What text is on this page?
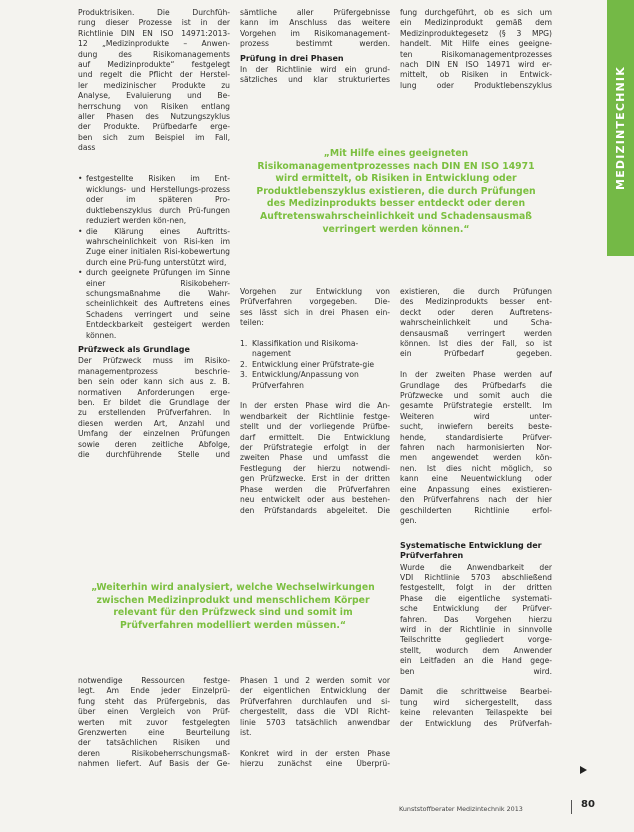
MEDIZINTECHNIK
Produktrisiken. Die Durchfüh-
rung dieser Prozesse ist in der
Richtlinie DIN EN ISO 14971:2013-
12 „Medizinprodukte – Anwen-
dung des Risikomanagements
auf Medizinprodukte“ festgelegt
und regelt die Pflicht der Herstel-
ler medizinischer Produkte zu
Analyse, Evaluierung und Be-
herrschung von Risiken entlang
aller Phasen des Nutzungszyklus
der Produkte. Prüfbedarfe erge-
ben sich zum Beispiel im Fall,
dass
• festgestellte Risiken im Ent-​wicklungs-​ und Herstellungs-​prozess oder im späteren Pro-​duktlebenszyklus durch Prü-​fungen reduziert werden kön-​nen,
• die Klärung eines Auftritts-​wahrscheinlichkeit von Risi-​ken im Zuge einer initialen Risi-​kobewertung durch eine Prü-​fung unterstützt wird,
• durch geeignete Prüfungen im Sinne einer Risikobeherr-​schungsmaßnahme die Wahr-​scheinlichkeit des Auftretens eines Schadens verringert und seine Entdeckbarkeit gesteigert werden können.
Prüfzweck als Grundlage
Der Prüfzweck muss im Risiko-
managementprozess beschrie-
ben sein oder kann sich aus z. B.
normativen Anforderungen erge-
ben. Er bildet die Grundlage der
zu erstellenden Prüfverfahren. In
diesen werden Art, Anzahl und
Umfang der einzelnen Prüfungen
sowie deren zeitliche Abfolge,
die durchführende Stelle und
sämtliche aller Prüfergebnisse
kann im Anschluss das weitere
Vorgehen im Risikomanagement-
prozess bestimmt werden.
Prüfung in drei Phasen
In der Richtlinie wird ein grund-
sätzliches und klar strukturiertes
fung durchgeführt, ob es sich um
ein Medizinprodukt gemäß dem
Medizinproduktegesetz (§ 3 MPG)
handelt. Mit Hilfe eines geeigne-
ten Risikomanagementprozesses
nach DIN EN ISO 14971 wird er-
mittelt, ob Risiken in Entwick-
lung oder Produktlebenszyklus
„Mit Hilfe eines geeigneten Risikomanagementprozesses nach DIN EN ISO 14971 wird ermittelt, ob Risiken in Entwicklung oder Produktlebenszyklus existieren, die durch Prüfungen des Medizinprodukts besser entdeckt oder deren Auftretenswahrscheinlichkeit und Schadensausmaß verringert werden können.“
Vorgehen zur Entwicklung von
Prüfverfahren vorgegeben. Die-
ses lässt sich in drei Phasen ein-
teilen:
1. Klassifikation und Risikoma-​nagement
2. Entwicklung einer Prüfstrate-​gie
3. Entwicklung/Anpassung von Prüfverfahren
In der ersten Phase wird die An-
wendbarkeit der Richtlinie festge-
stellt und der vorliegende Prüfbe-
darf ermittelt. Die Entwicklung
der Prüfstrategie erfolgt in der
zweiten Phase und umfasst die
Festlegung der hierzu notwendi-
gen Prüfzwecke. Erst in der dritten
Phase werden die Prüfverfahren
neu entwickelt oder aus bestehen-
den Prüfstandards abgeleitet. Die
existieren, die durch Prüfungen
des Medizinprodukts besser ent-
deckt oder deren Auftretens-
wahrscheinlichkeit und Scha-
densausmaß verringert werden
können. Ist dies der Fall, so ist
ein Prüfbedarf gegeben.
In der zweiten Phase werden auf
Grundlage des Prüfbedarfs die
Prüfzwecke und somit auch die
gesamte Prüfstrategie erstellt. Im
Weiteren wird unter-
sucht, inwiefern bereits beste-
hende, standardisierte Prüfver-
fahren nach harmonisierten Nor-
men angewendet werden kön-
nen. Ist dies nicht möglich, so
kann eine Neuentwicklung oder
eine Anpassung eines existieren-
den Prüfverfahrens nach der hier
geschilderten Richtlinie erfol-
gen.
Systematische Entwicklung der Prüfverfahren
Wurde die Anwendbarkeit der
VDI Richtlinie 5703 abschließend
festgestellt, folgt in der dritten
Phase die eigentliche systemati-
sche Entwicklung der Prüfver-
fahren. Das Vorgehen hierzu
wird in der Richtlinie in sinnvolle
Teilschritte gegliedert vorge-
stellt, wodurch dem Anwender
ein Leitfaden an die Hand gege-
ben wird.
Damit die schrittweise Bearbei-
tung wird sichergestellt, dass
keine relevanten Teilaspekte bei
der Entwicklung des Prüfverfah-
„Weiterhin wird analysiert, welche Wechselwirkungen zwischen Medizinprodukt und menschlichem Körper relevant für den Prüfzweck sind und somit im Prüfverfahren modelliert werden müssen.“
notwendige Ressourcen festge-
legt. Am Ende jeder Einzelprü-
fung steht das Prüfergebnis, das
über einen Vergleich von Prüf-
werten mit zuvor festgelegten
Grenzwerten eine Beurteilung
der tatsächlichen Risiken und
deren Risikobeherrschungsmaß-
nahmen liefert. Auf Basis der Ge-
Phasen 1 und 2 werden somit vor
der eigentlichen Entwicklung der
Prüfverfahren durchlaufen und si-
chergestellt, dass die VDI Richt-
linie 5703 tatsächlich anwendbar
ist.

Konkret wird in der ersten Phase
hierzu zunächst eine Überprü-
Kunststoffberater Medizintechnik 2013	80
